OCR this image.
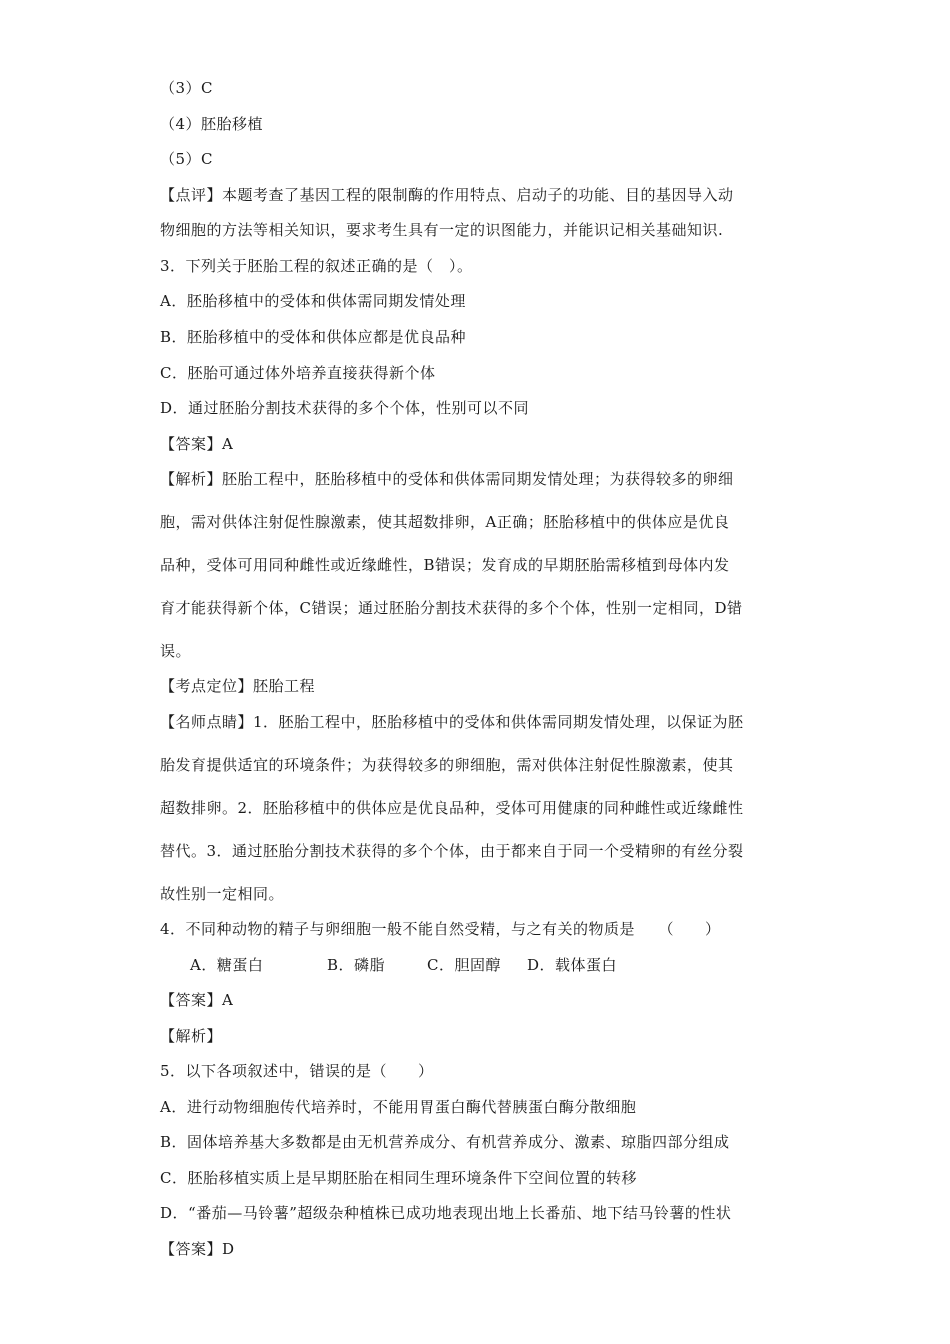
（3）C
（4）胚胎移植
（5）C
【点评】本题考查了基因工程的限制酶的作用特点、启动子的功能、目的基因导入动
物细胞的方法等相关知识，要求考生具有一定的识图能力，并能识记相关基础知识.
3．下列关于胚胎工程的叙述正确的是（　）。
A．胚胎移植中的受体和供体需同期发情处理
B．胚胎移植中的受体和供体应都是优良品种
C．胚胎可通过体外培养直接获得新个体
D．通过胚胎分割技术获得的多个个体，性别可以不同
【答案】A
【解析】胚胎工程中，胚胎移植中的受体和供体需同期发情处理；为获得较多的卵细
胞，需对供体注射促性腺激素，使其超数排卵，A正确；胚胎移植中的供体应是优良
品种，受体可用同种雌性或近缘雌性，B错误；发育成的早期胚胎需移植到母体内发
育才能获得新个体，C错误；通过胚胎分割技术获得的多个个体，性别一定相同，D错
误。
【考点定位】胚胎工程
【名师点睛】1．胚胎工程中，胚胎移植中的受体和供体需同期发情处理，以保证为胚
胎发育提供适宜的环境条件；为获得较多的卵细胞，需对供体注射促性腺激素，使其
超数排卵。2．胚胎移植中的供体应是优良品种，受体可用健康的同种雌性或近缘雌性
替代。3．通过胚胎分割技术获得的多个个体，由于都来自于同一个受精卵的有丝分裂
故性别一定相同。
4．不同种动物的精子与卵细胞一般不能自然受精，与之有关的物质是　　（　　）
A．糖蛋白	B．磷脂	C．胆固醇 D．载体蛋白
【答案】A
【解析】
5．以下各项叙述中，错误的是（　　）
A．进行动物细胞传代培养时，不能用胃蛋白酶代替胰蛋白酶分散细胞
B．固体培养基大多数都是由无机营养成分、有机营养成分、激素、琼脂四部分组成
C．胚胎移植实质上是早期胚胎在相同生理环境条件下空间位置的转移
D．“番茄—马铃薯”超级杂种植株已成功地表现出地上长番茄、地下结马铃薯的性状
【答案】D
